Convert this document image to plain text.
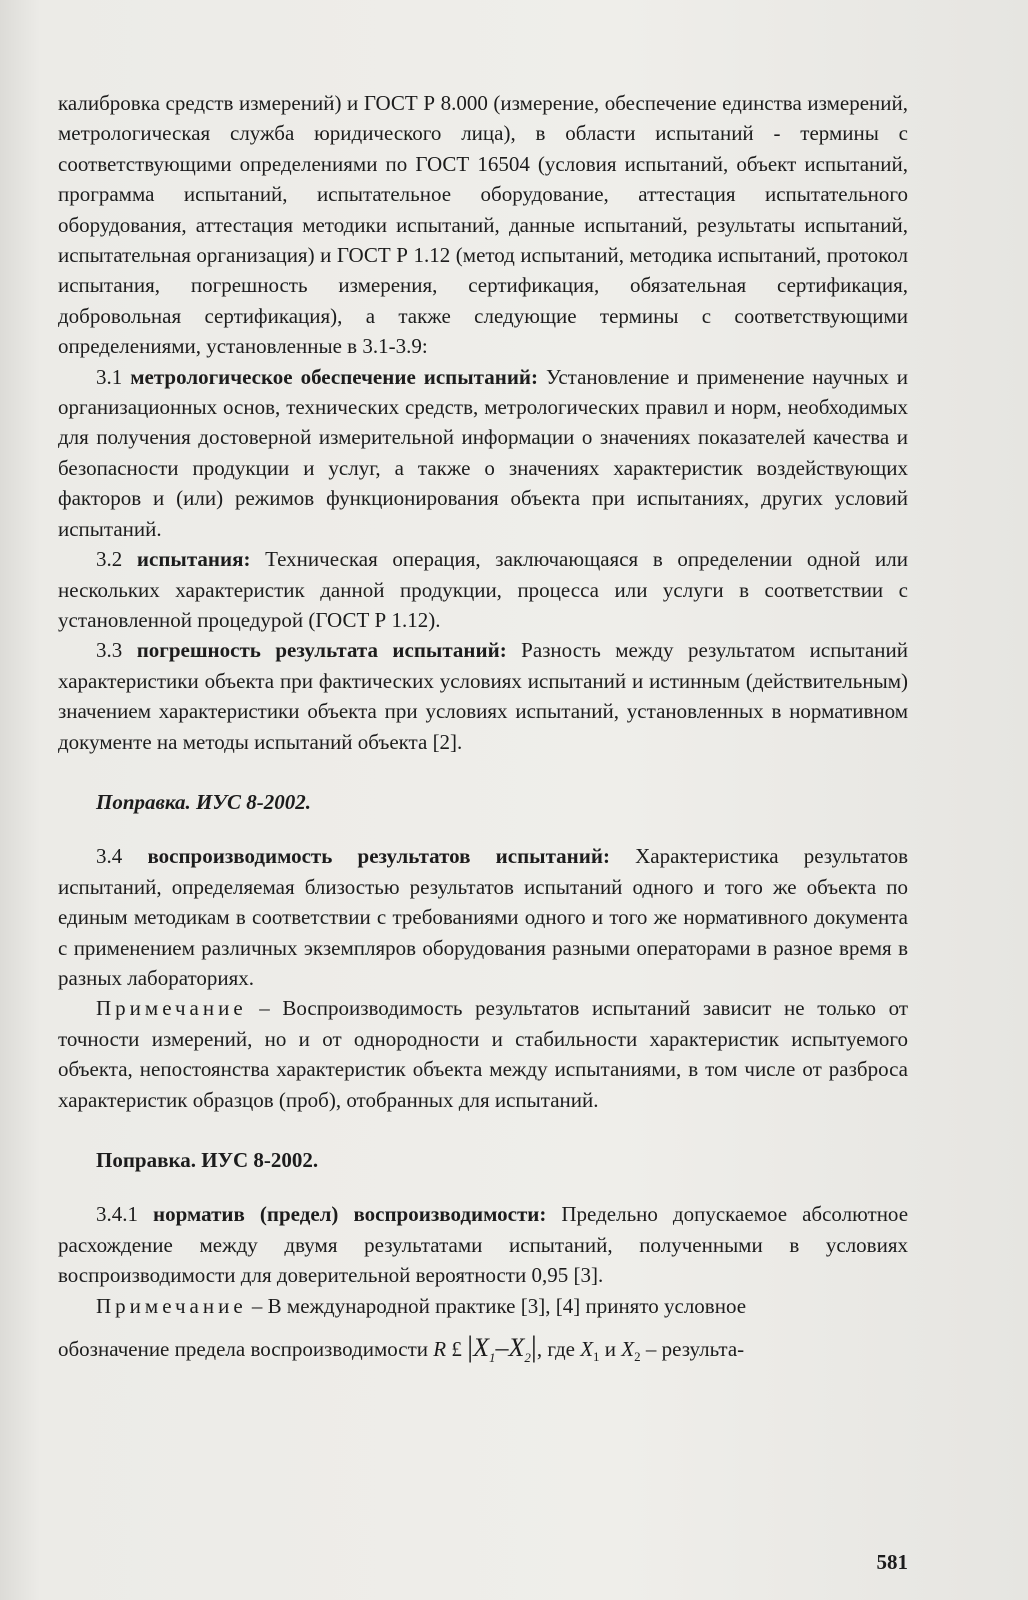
калибровка средств измерений) и ГОСТ Р 8.000 (измерение, обеспечение единства измерений, метрологическая служба юридического лица), в области испытаний - термины с соответствующими определениями по ГОСТ 16504 (условия испытаний, объект испытаний, программа испытаний, испытательное оборудование, аттестация испытательного оборудования, аттестация методики испытаний, данные испытаний, результаты испытаний, испытательная организация) и ГОСТ Р 1.12 (метод испытаний, методика испытаний, протокол испытания, погрешность измерения, сертификация, обязательная сертификация, добровольная сертификация), а также следующие термины с соответствующими определениями, установленные в 3.1-3.9:

3.1 метрологическое обеспечение испытаний: Установление и применение научных и организационных основ, технических средств, метрологических правил и норм, необходимых для получения достоверной измерительной информации о значениях показателей качества и безопасности продукции и услуг, а также о значениях характеристик воздействующих факторов и (или) режимов функционирования объекта при испытаниях, других условий испытаний.

3.2 испытания: Техническая операция, заключающаяся в определении одной или нескольких характеристик данной продукции, процесса или услуги в соответствии с установленной процедурой (ГОСТ Р 1.12).

3.3 погрешность результата испытаний: Разность между результатом испытаний характеристики объекта при фактических условиях испытаний и истинным (действительным) значением характеристики объекта при условиях испытаний, установленных в нормативном документе на методы испытаний объекта [2].

Поправка. ИУС 8-2002.

3.4 воспроизводимость результатов испытаний: Характеристика результатов испытаний, определяемая близостью результатов испытаний одного и того же объекта по единым методикам в соответствии с требованиями одного и того же нормативного документа с применением различных экземпляров оборудования разными операторами в разное время в разных лабораториях.

Примечание – Воспроизводимость результатов испытаний зависит не только от точности измерений, но и от однородности и стабильности характеристик испытуемого объекта, непостоянства характеристик объекта между испытаниями, в том числе от разброса характеристик образцов (проб), отобранных для испытаний.

Поправка. ИУС 8-2002.

3.4.1 норматив (предел) воспроизводимости: Предельно допускаемое абсолютное расхождение между двумя результатами испытаний, полученными в условиях воспроизводимости для доверительной вероятности 0,95 [3].

Примечание – В международной практике [3], [4] принято условное

обозначение предела воспроизводимости R £ $|X_1-X_2|$, где $X_1$ и $X_2$ – результа-

581
